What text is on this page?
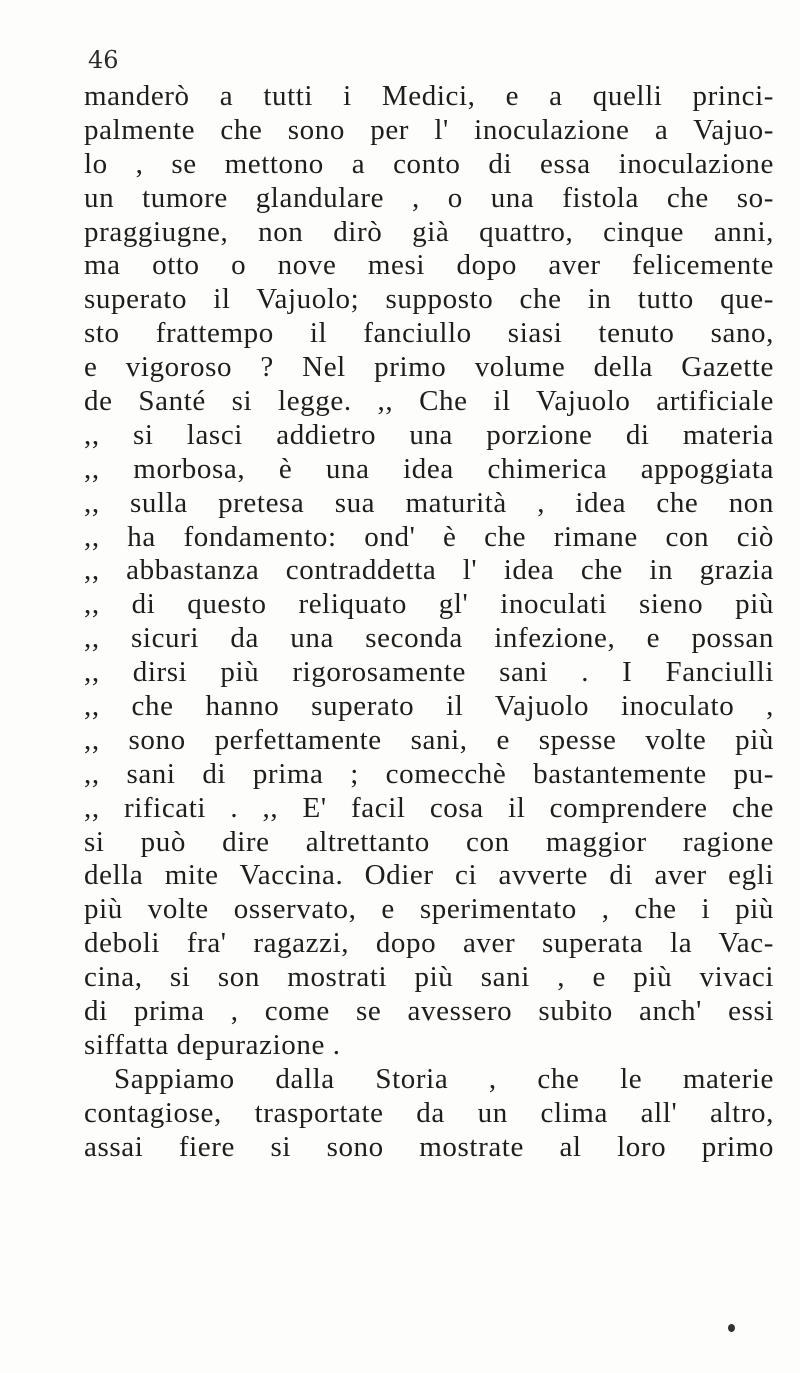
46
manderò a tutti i Medici, e a quelli princi-
palmente che sono per l' inoculazione a Vajuo-
lo , se mettono a conto di essa inoculazione
un tumore glandulare , o una fistola che so-
praggiugne, non dirò già quattro, cinque anni,
ma otto o nove mesi dopo aver felicemente
superato il Vajuolo; supposto che in tutto que-
sto frattempo il fanciullo siasi tenuto sano,
e vigoroso ? Nel primo volume della Gazette
de Santé si legge. ,, Che il Vajuolo artificiale
,, si lasci addietro una porzione di materia
,, morbosa, è una idea chimerica appoggiata
,, sulla pretesa sua maturità , idea che non
,, ha fondamento: ond' è che rimane con ciò
,, abbastanza contraddetta l' idea che in grazia
,, di questo reliquato gl' inoculati sieno più
,, sicuri da una seconda infezione, e possan
,, dirsi più rigorosamente sani . I Fanciulli
,, che hanno superato il Vajuolo inoculato ,
,, sono perfettamente sani, e spesse volte più
,, sani di prima ; comecchè bastantemente pu-
,, rificati . ,, E' facil cosa il comprendere che
si può dire altrettanto con maggior ragione
della mite Vaccina. Odier ci avverte di aver egli
più volte osservato, e sperimentato , che i più
deboli fra' ragazzi, dopo aver superata la Vac-
cina, si son mostrati più sani , e più vivaci
di prima , come se avessero subito anch' essi
siffatta depurazione .
Sappiamo dalla Storia , che le materie
contagiose, trasportate da un clima all' altro,
assai fiere si sono mostrate al loro primo
